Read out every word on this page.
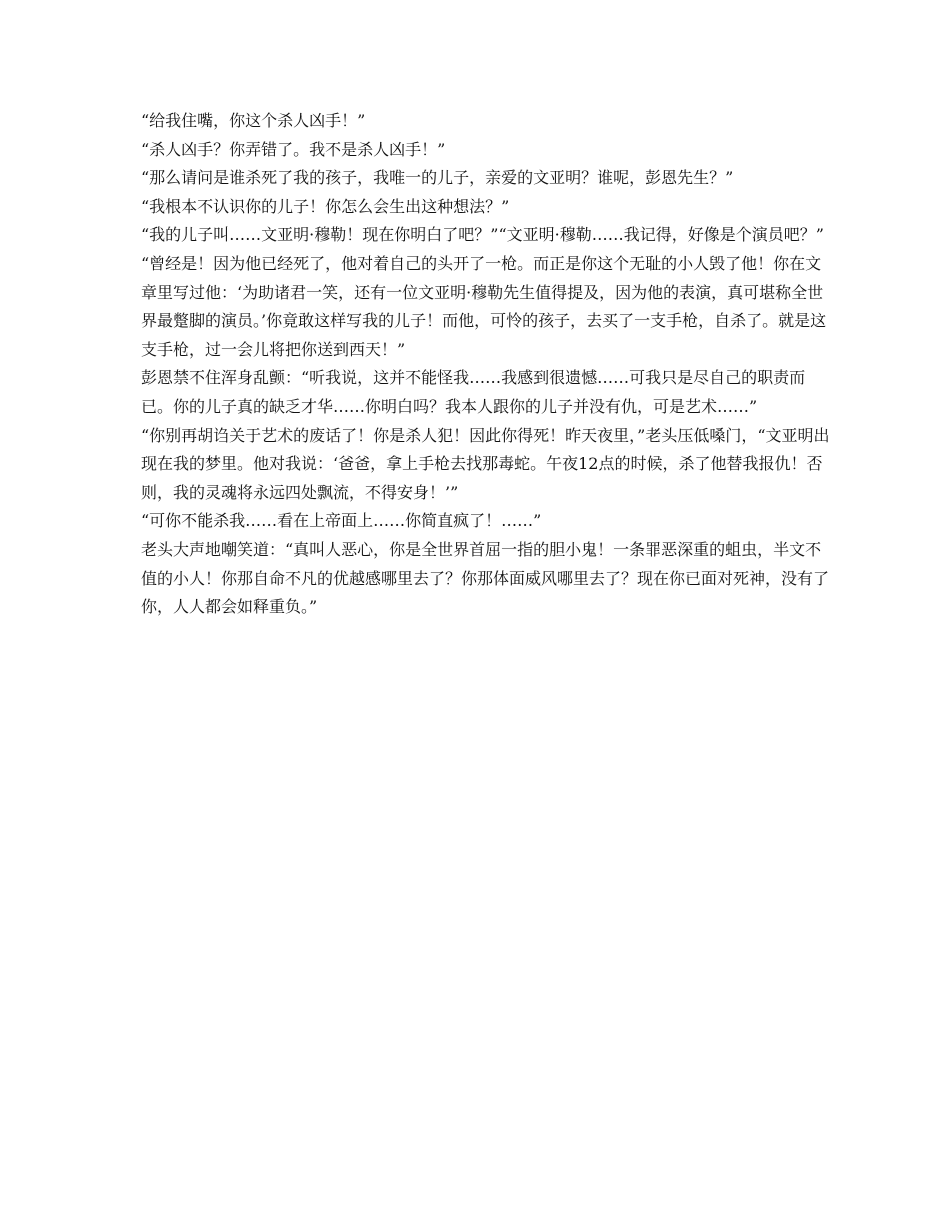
“给我住嘴，你这个杀人凶手！”

“杀人凶手？你弄错了。我不是杀人凶手！”

“那么请问是谁杀死了我的孩子，我唯一的儿子，亲爱的文亚明？谁呢，彭恩先生？”

“我根本不认识你的儿子！你怎么会生出这种想法？”

“我的儿子叫……文亚明·穆勒！现在你明白了吧？”“文亚明·穆勒……我记得，好像是个演员吧？”

“曾经是！因为他已经死了，他对着自己的头开了一枪。而正是你这个无耻的小人毁了他！你在文章里写过他：‘为助诸君一笑，还有一位文亚明·穆勒先生值得提及，因为他的表演，真可堪称全世界最蹩脚的演员。’你竟敢这样写我的儿子！而他，可怜的孩子，去买了一支手枪，自杀了。就是这支手枪，过一会儿将把你送到西天！”

彭恩禁不住浑身乱颤：“听我说，这并不能怪我……我感到很遗憾……可我只是尽自己的职责而已。你的儿子真的缺乏才华……你明白吗？我本人跟你的儿子并没有仇，可是艺术……”

“你别再胡诌关于艺术的废话了！你是杀人犯！因此你得死！昨天夜里，”老头压低嗓门，“文亚明出现在我的梦里。他对我说：‘爸爸，拿上手枪去找那毒蛇。午夜12点的时候，杀了他替我报仇！否则，我的灵魂将永远四处飘流，不得安身！’”

“可你不能杀我……看在上帝面上……你简直疯了！……”

老头大声地嘲笑道：“真叫人恶心，你是全世界首屈一指的胆小鬼！一条罪恶深重的蛆虫，半文不值的小人！你那自命不凡的优越感哪里去了？你那体面威风哪里去了？现在你已面对死神，没有了你，人人都会如释重负。”
